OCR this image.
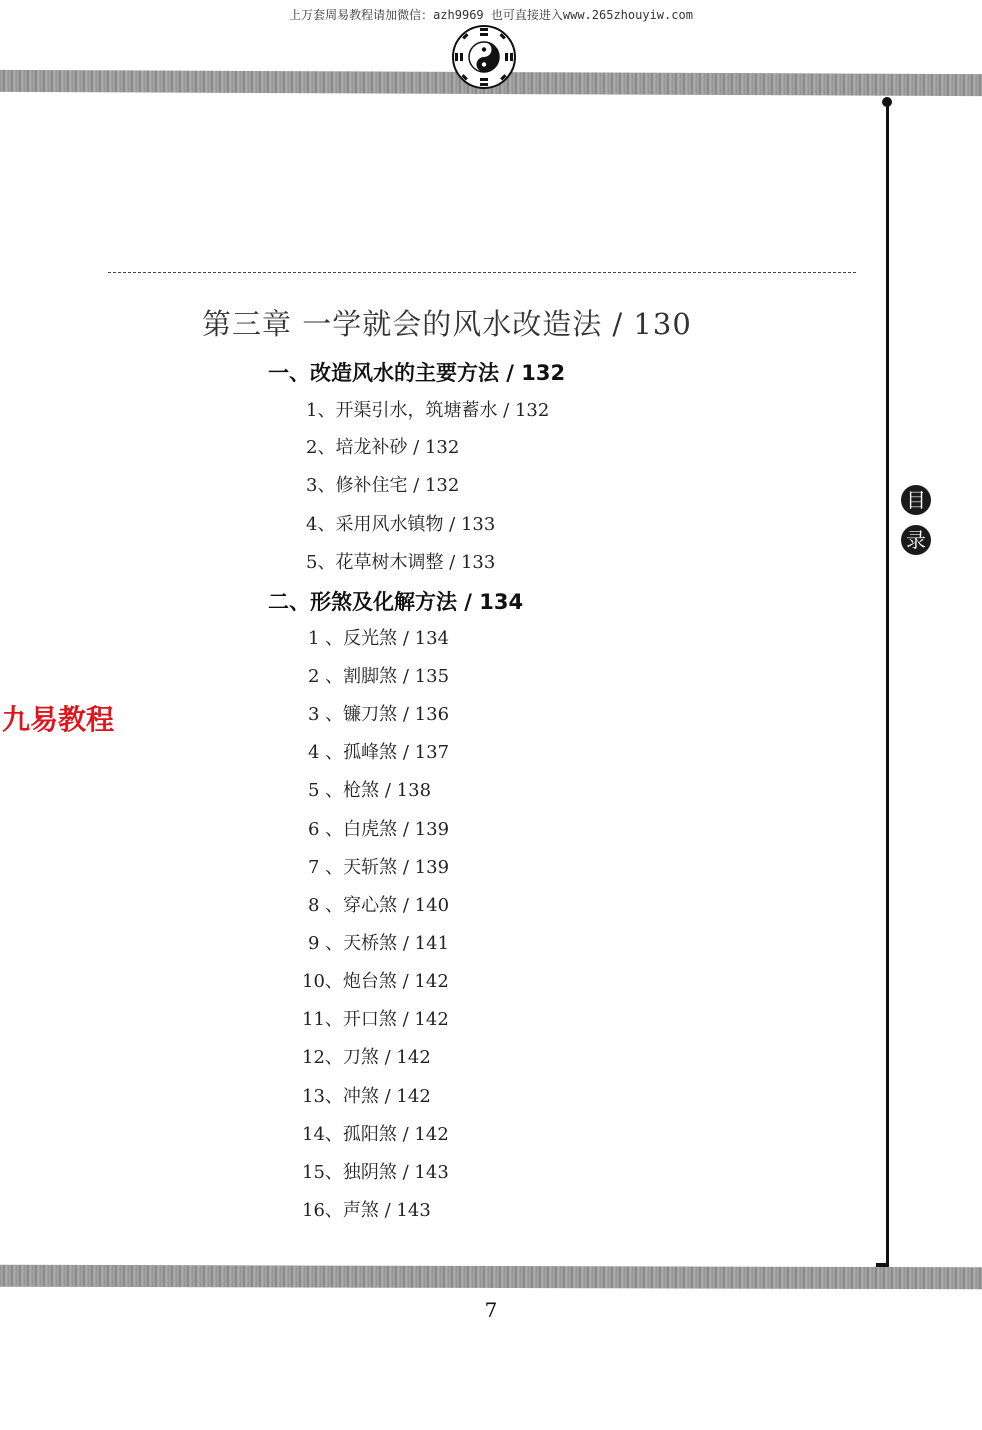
上万套周易教程请加微信：azh9969 也可直接进入www.265zhouyiw.com
目
录
第三章 一学就会的风水改造法 / 130
一、改造风水的主要方法 / 132
1、开渠引水，筑塘蓄水 / 132
2、培龙补砂 / 132
3、修补住宅 / 132
4、采用风水镇物 / 133
5、花草树木调整 / 133
二、形煞及化解方法 / 134
1 、反光煞 / 134
2 、割脚煞 / 135
3 、镰刀煞 / 136
4 、孤峰煞 / 137
5 、枪煞 / 138
6 、白虎煞 / 139
7 、天斩煞 / 139
8 、穿心煞 / 140
9 、天桥煞 / 141
10、炮台煞 / 142
11、开口煞 / 142
12、刀煞 / 142
13、冲煞 / 142
14、孤阳煞 / 142
15、独阴煞 / 143
16、声煞 / 143
九易教程
7
